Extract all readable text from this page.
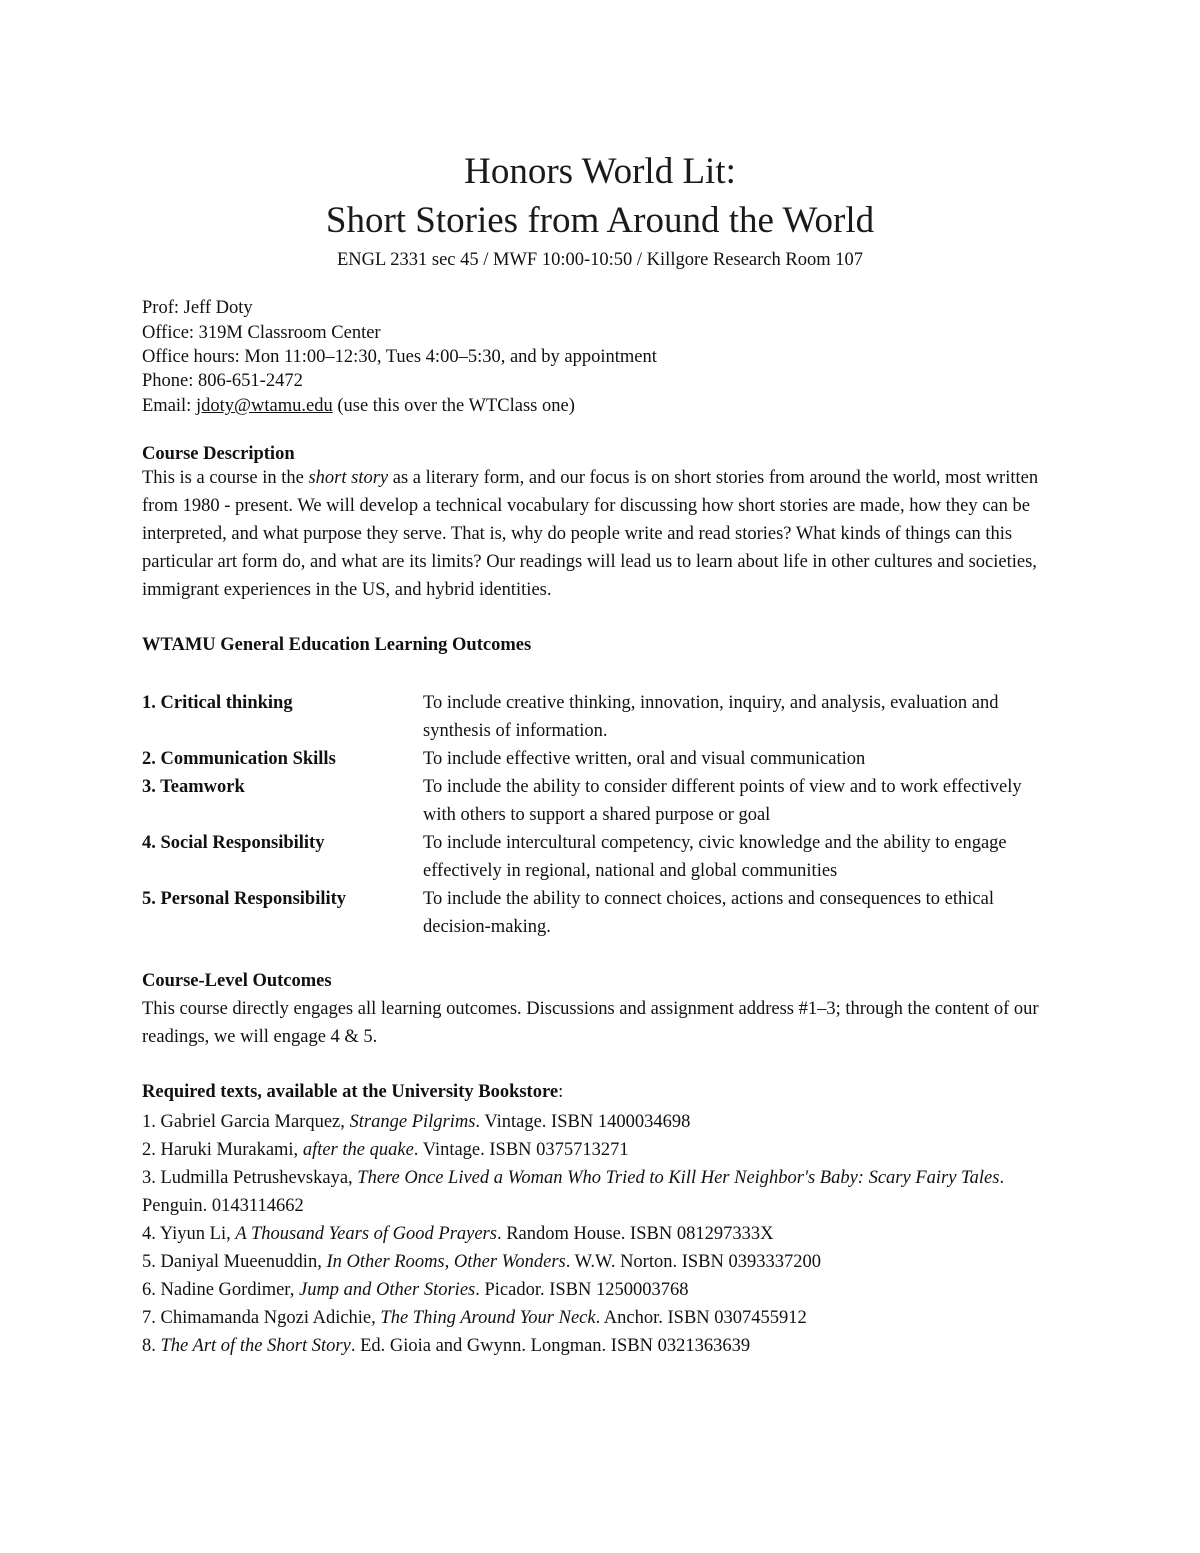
Honors World Lit:
Short Stories from Around the World
ENGL 2331 sec 45 / MWF 10:00-10:50 / Killgore Research Room 107
Prof: Jeff Doty
Office: 319M Classroom Center
Office hours: Mon 11:00–12:30, Tues 4:00–5:30, and by appointment
Phone: 806-651-2472
Email: jdoty@wtamu.edu (use this over the WTClass one)
Course Description
This is a course in the short story as a literary form, and our focus is on short stories from around the world, most written from 1980 - present. We will develop a technical vocabulary for discussing how short stories are made, how they can be interpreted, and what purpose they serve. That is, why do people write and read stories? What kinds of things can this particular art form do, and what are its limits? Our readings will lead us to learn about life in other cultures and societies, immigrant experiences in the US, and hybrid identities.
WTAMU General Education Learning Outcomes
1. Critical thinking	To include creative thinking, innovation, inquiry, and analysis, evaluation and synthesis of information.
2. Communication Skills	To include effective written, oral and visual communication
3. Teamwork	To include the ability to consider different points of view and to work effectively with others to support a shared purpose or goal
4. Social Responsibility	To include intercultural competency, civic knowledge and the ability to engage effectively in regional, national and global communities
5. Personal Responsibility	To include the ability to connect choices, actions and consequences to ethical decision-making.
Course-Level Outcomes
This course directly engages all learning outcomes. Discussions and assignment address #1–3; through the content of our readings, we will engage 4 & 5.
Required texts, available at the University Bookstore:
1. Gabriel Garcia Marquez, Strange Pilgrims. Vintage. ISBN 1400034698
2. Haruki Murakami, after the quake. Vintage. ISBN 0375713271
3. Ludmilla Petrushevskaya, There Once Lived a Woman Who Tried to Kill Her Neighbor's Baby: Scary Fairy Tales. Penguin. 0143114662
4. Yiyun Li, A Thousand Years of Good Prayers. Random House. ISBN 081297333X
5. Daniyal Mueenuddin, In Other Rooms, Other Wonders. W.W. Norton. ISBN 0393337200
6. Nadine Gordimer, Jump and Other Stories. Picador. ISBN 1250003768
7. Chimamanda Ngozi Adichie, The Thing Around Your Neck. Anchor. ISBN 0307455912
8. The Art of the Short Story. Ed. Gioia and Gwynn. Longman. ISBN 0321363639
